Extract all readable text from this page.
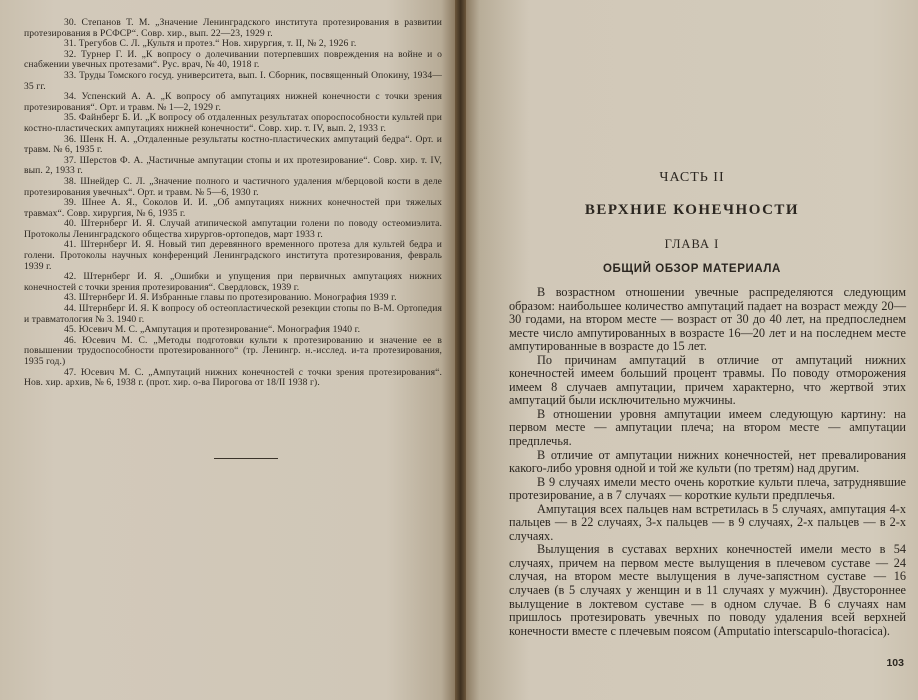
30. Степанов Т. М. „Значение Ленинградского института протезирования в развитии протезирования в РСФСР“. Совр. хир., вып. 22—23, 1929 г.

31. Трегубов С. Л. „Культя и протез.“ Нов. хирургия, т. II, № 2, 1926 г.

32. Турнер Г. И. „К вопросу о долечивании потерпевших повреждения на войне и о снабжении увечных протезами“. Рус. врач, № 40, 1918 г.

33. Труды Томского госуд. университета, вып. I. Сборник, посвященный Опокину, 1934—35 гг.

34. Успенский А. А. „К вопросу об ампутациях нижней конечности с точки зрения протезирования“. Орт. и травм. № 1—2, 1929 г.

35. Файнберг Б. И. „К вопросу об отдаленных результатах опороспособности культей при костно-пластических ампутациях нижней конечности“. Совр. хир. т. IV, вып. 2, 1933 г.

36. Шенк Н. А. „Отдаленные результаты костно-пластических ампутаций бедра“. Орт. и травм. № 6, 1935 г.

37. Шерстов Ф. А. „Частичные ампутации стопы и их протезирование“. Совр. хир. т. IV, вып. 2, 1933 г.

38. Шнейдер С. Л. „Значение полного и частичного удаления м/берцовой кости в деле протезирования увечных“. Орт. и травм. № 5—6, 1930 г.

39. Шнее А. Я., Соколов И. И. „Об ампутациях нижних конечностей при тяжелых травмах“. Совр. хирургия, № 6, 1935 г.

40. Штернберг И. Я. Случай атипической ампутации голени по поводу остеомиэлита. Протоколы Ленинградского общества хирургов-ортопедов, март 1933 г.

41. Штернберг И. Я. Новый тип деревянного временного протеза для культей бедра и голени. Протоколы научных конференций Ленинградского института протезирования, февраль 1939 г.

42. Штернберг И. Я. „Ошибки и упущения при первичных ампутациях нижних конечностей с точки зрения протезирования“. Свердловск, 1939 г.

43. Штернберг И. Я. Избранные главы по протезированию. Монография 1939 г.

44. Штернберг И. Я. К вопросу об остеопластической резекции стопы по В-М. Ортопедия и травматология № 3. 1940 г.

45. Юсевич М. С. „Ампутация и протезирование“. Монография 1940 г.

46. Юсевич М. С. „Методы подготовки культи к протезированию и значение ее в повышении трудоспособности протезированного“ (тр. Ленингр. н.-исслед. и-та протезирования, 1935 год.)

47. Юсевич М. С. „Ампутаций нижних конечностей с точки зрения протезирования“. Нов. хир. архив, № 6, 1938 г. (прот. хир. о-ва Пирогова от 18/II 1938 г).

ЧАСТЬ II
ВЕРХНИЕ КОНЕЧНОСТИ
ГЛАВА I
ОБЩИЙ ОБЗОР МАТЕРИАЛА

В возрастном отношении увечные распределяются следующим образом: наибольшее количество ампутаций падает на возраст между 20—30 годами, на втором месте — возраст от 30 до 40 лет, на предпоследнем месте число ампутированных в возрасте 16—20 лет и на последнем месте ампутированные в возрасте до 15 лет.

По причинам ампутаций в отличие от ампутаций нижних конечностей имеем больший процент травмы. По поводу отморожения имеем 8 случаев ампутации, причем характерно, что жертвой этих ампутаций были исключительно мужчины.

В отношении уровня ампутации имеем следующую картину: на первом месте — ампутации плеча; на втором месте — ампутации предплечья.

В отличие от ампутации нижних конечностей, нет превалирования какого-либо уровня одной и той же культи (по третям) над другим.

В 9 случаях имели место очень короткие культи плеча, затруднявшие протезирование, а в 7 случаях — короткие культи предплечья.

Ампутация всех пальцев нам встретилась в 5 случаях, ампутация 4-х пальцев — в 22 случаях, 3-х пальцев — в 9 случаях, 2-х пальцев — в 2-х случаях.

Вылущения в суставах верхних конечностей имели место в 54 случаях, причем на первом месте вылущения в плечевом суставе — 24 случая, на втором месте вылущения в луче-запястном суставе — 16 случаев (в 5 случаях у женщин и в 11 случаях у мужчин). Двустороннее вылущение в локтевом суставе — в одном случае. В 6 случаях нам пришлось протезировать увечных по поводу удаления всей верхней конечности вместе с плечевым поясом (Amputatio interscapulo-thoracica).

103
